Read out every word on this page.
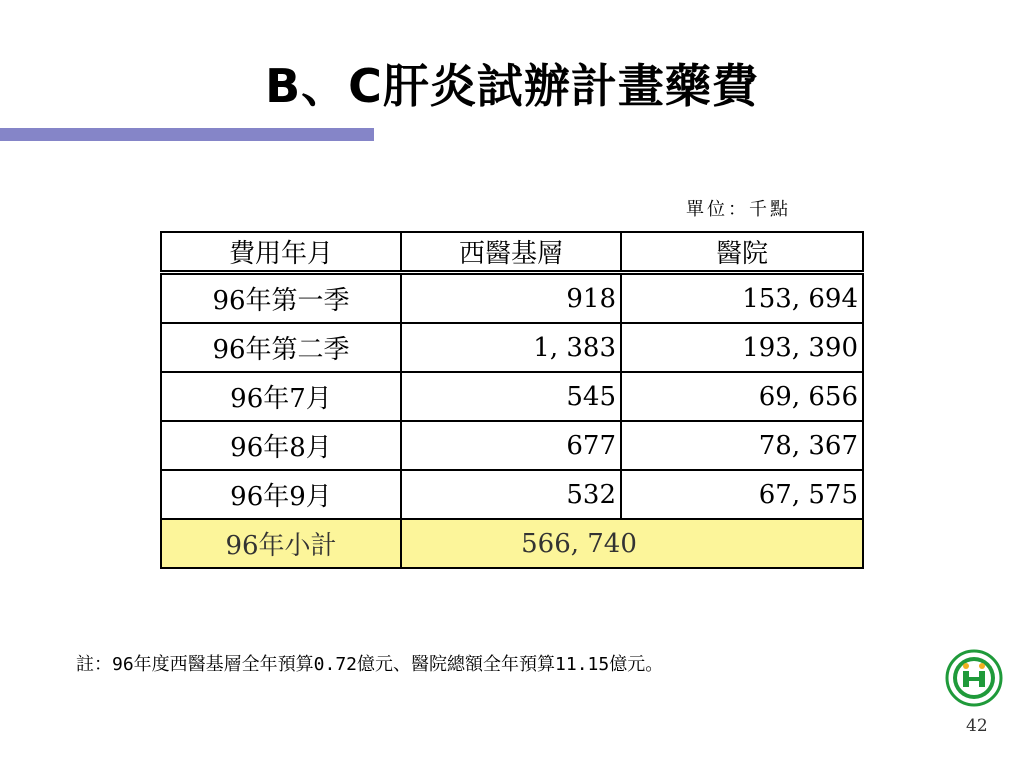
B、C肝炎試辦計畫藥費
單位：千點
費用年月	西醫基層	醫院
96年第一季	918	153, 694
96年第二季	1, 383	193, 390
96年7月	545	69, 656
96年8月	677	78, 367
96年9月	532	67, 575
96年小計	566, 740	
註：96年度西醫基層全年預算0.72億元、醫院總額全年預算11.15億元。
42
